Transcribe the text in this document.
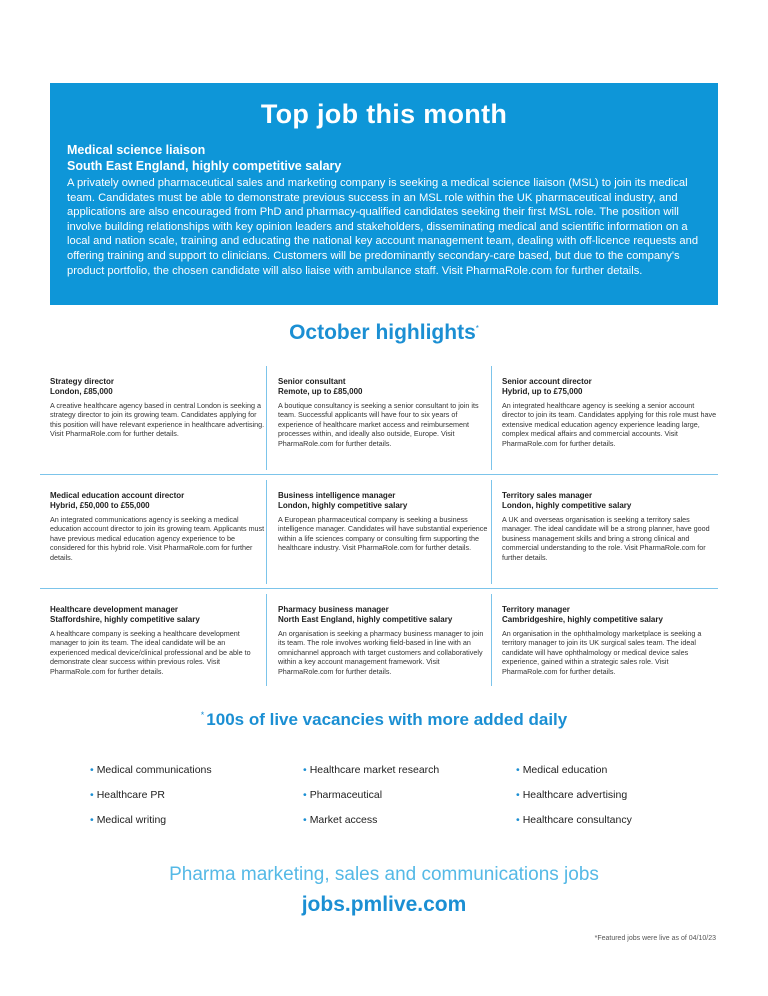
Top job this month
Medical science liaison
South East England, highly competitive salary
A privately owned pharmaceutical sales and marketing company is seeking a medical science liaison (MSL) to join its medical team. Candidates must be able to demonstrate previous success in an MSL role within the UK pharmaceutical industry, and applications are also encouraged from PhD and pharmacy-qualified candidates seeking their first MSL role. The position will involve building relationships with key opinion leaders and stakeholders, disseminating medical and scientific information on a local and nation scale, training and educating the national key account management team, dealing with off-licence requests and offering training and support to clinicians. Customers will be predominantly secondary-care based, but due to the company's product portfolio, the chosen candidate will also liaise with ambulance staff. Visit PharmaRole.com for further details.
October highlights*
Strategy director
London, £85,000
A creative healthcare agency based in central London is seeking a strategy director to join its growing team. Candidates applying for this position will have relevant experience in healthcare advertising. Visit PharmaRole.com for further details.
Senior consultant
Remote, up to £85,000
A boutique consultancy is seeking a senior consultant to join its team. Successful applicants will have four to six years of experience of healthcare market access and reimbursement processes within, and ideally also outside, Europe. Visit PharmaRole.com for further details.
Senior account director
Hybrid, up to £75,000
An integrated healthcare agency is seeking a senior account director to join its team. Candidates applying for this role must have extensive medical education agency experience leading large, complex medical affairs and commercial accounts. Visit PharmaRole.com for further details.
Medical education account director
Hybrid, £50,000 to £55,000
An integrated communications agency is seeking a medical education account director to join its growing team. Applicants must have previous medical education agency experience to be considered for this hybrid role. Visit PharmaRole.com for further details.
Business intelligence manager
London, highly competitive salary
A European pharmaceutical company is seeking a business intelligence manager. Candidates will have substantial experience within a life sciences company or consulting firm supporting the healthcare industry. Visit PharmaRole.com for further details.
Territory sales manager
London, highly competitive salary
A UK and overseas organisation is seeking a territory sales manager. The ideal candidate will be a strong planner, have good business management skills and bring a strong clinical and commercial understanding to the role. Visit PharmaRole.com for further details.
Healthcare development manager
Staffordshire, highly competitive salary
A healthcare company is seeking a healthcare development manager to join its team. The ideal candidate will be an experienced medical device/clinical professional and be able to demonstrate clear success within previous roles. Visit PharmaRole.com for further details.
Pharmacy business manager
North East England, highly competitive salary
An organisation is seeking a pharmacy business manager to join its team. The role involves working field-based in line with an omnichannel approach with target customers and collaboratively within a key account management framework. Visit PharmaRole.com for further details.
Territory manager
Cambridgeshire, highly competitive salary
An organisation in the ophthalmology marketplace is seeking a territory manager to join its UK surgical sales team. The ideal candidate will have ophthalmology or medical device sales experience, gained within a strategic sales role. Visit PharmaRole.com for further details.
* 100s of live vacancies with more added daily
• Medical communications
• Healthcare PR
• Medical writing
• Healthcare market research
• Pharmaceutical
• Market access
• Medical education
• Healthcare advertising
• Healthcare consultancy
Pharma marketing, sales and communications jobs
jobs.pmlive.com
*Featured jobs were live as of 04/10/23
